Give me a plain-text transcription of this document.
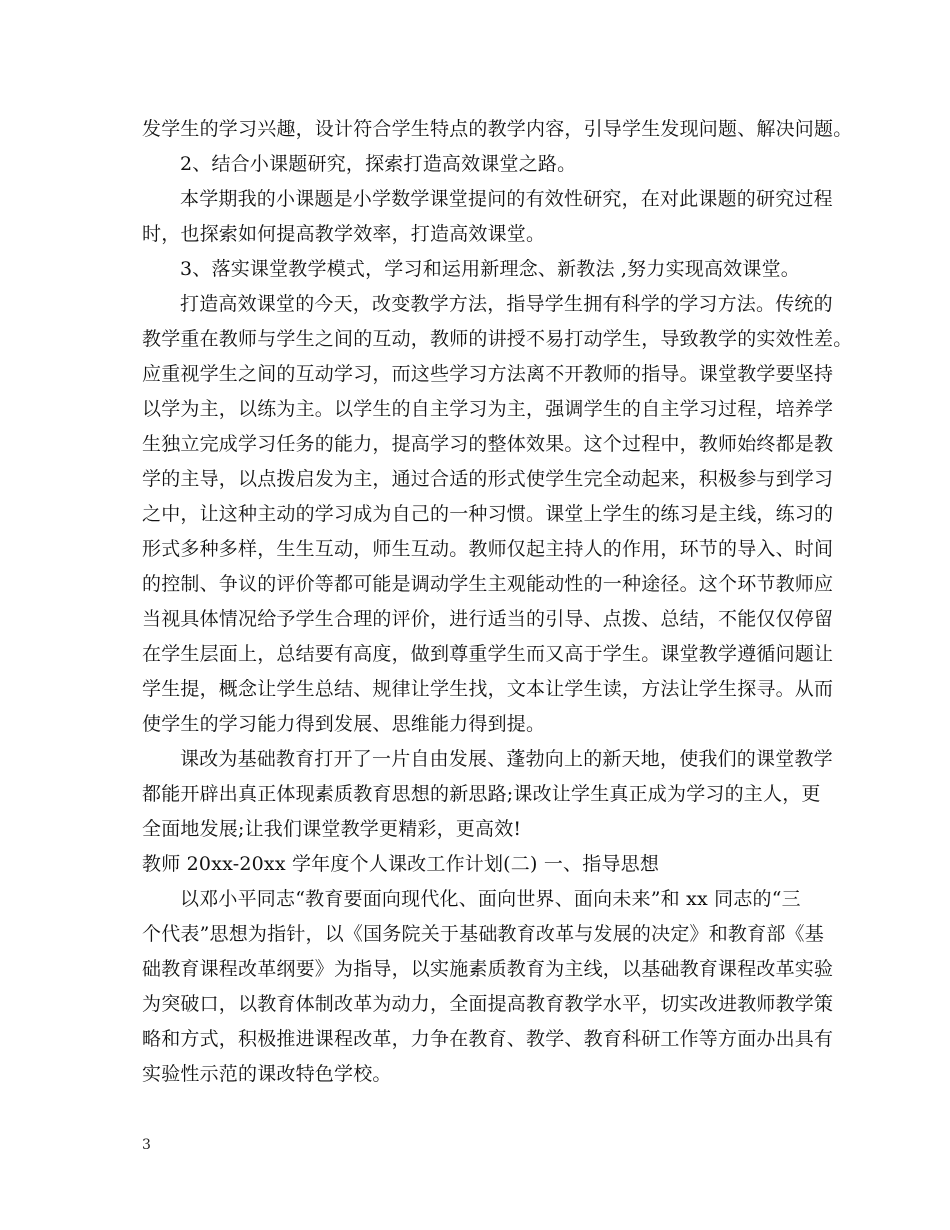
发学生的学习兴趣，设计符合学生特点的教学内容，引导学生发现问题、解决问题。
2、结合小课题研究，探索打造高效课堂之路。
本学期我的小课题是小学数学课堂提问的有效性研究，在对此课题的研究过程
时，也探索如何提高教学效率，打造高效课堂。
3、落实课堂教学模式，学习和运用新理念、新教法 ,努力实现高效课堂。
打造高效课堂的今天，改变教学方法，指导学生拥有科学的学习方法。传统的
教学重在教师与学生之间的互动，教师的讲授不易打动学生，导致教学的实效性差。
应重视学生之间的互动学习，而这些学习方法离不开教师的指导。课堂教学要坚持
以学为主，以练为主。以学生的自主学习为主，强调学生的自主学习过程，培养学
生独立完成学习任务的能力，提高学习的整体效果。这个过程中，教师始终都是教
学的主导，以点拨启发为主，通过合适的形式使学生完全动起来，积极参与到学习
之中，让这种主动的学习成为自己的一种习惯。课堂上学生的练习是主线，练习的
形式多种多样，生生互动，师生互动。教师仅起主持人的作用，环节的导入、时间
的控制、争议的评价等都可能是调动学生主观能动性的一种途径。这个环节教师应
当视具体情况给予学生合理的评价，进行适当的引导、点拨、总结，不能仅仅停留
在学生层面上，总结要有高度，做到尊重学生而又高于学生。课堂教学遵循问题让
学生提，概念让学生总结、规律让学生找，文本让学生读，方法让学生探寻。从而
使学生的学习能力得到发展、思维能力得到提。
课改为基础教育打开了一片自由发展、蓬勃向上的新天地，使我们的课堂教学
都能开辟出真正体现素质教育思想的新思路;课改让学生真正成为学习的主人，更
全面地发展;让我们课堂教学更精彩，更高效!
教师 20xx-20xx 学年度个人课改工作计划(二) 一、指导思想
以邓小平同志“教育要面向现代化、面向世界、面向未来”和 xx 同志的“三
个代表”思想为指针，以《国务院关于基础教育改革与发展的决定》和教育部《基
础教育课程改革纲要》为指导，以实施素质教育为主线，以基础教育课程改革实验
为突破口，以教育体制改革为动力，全面提高教育教学水平，切实改进教师教学策
略和方式，积极推进课程改革，力争在教育、教学、教育科研工作等方面办出具有
实验性示范的课改特色学校。
3
